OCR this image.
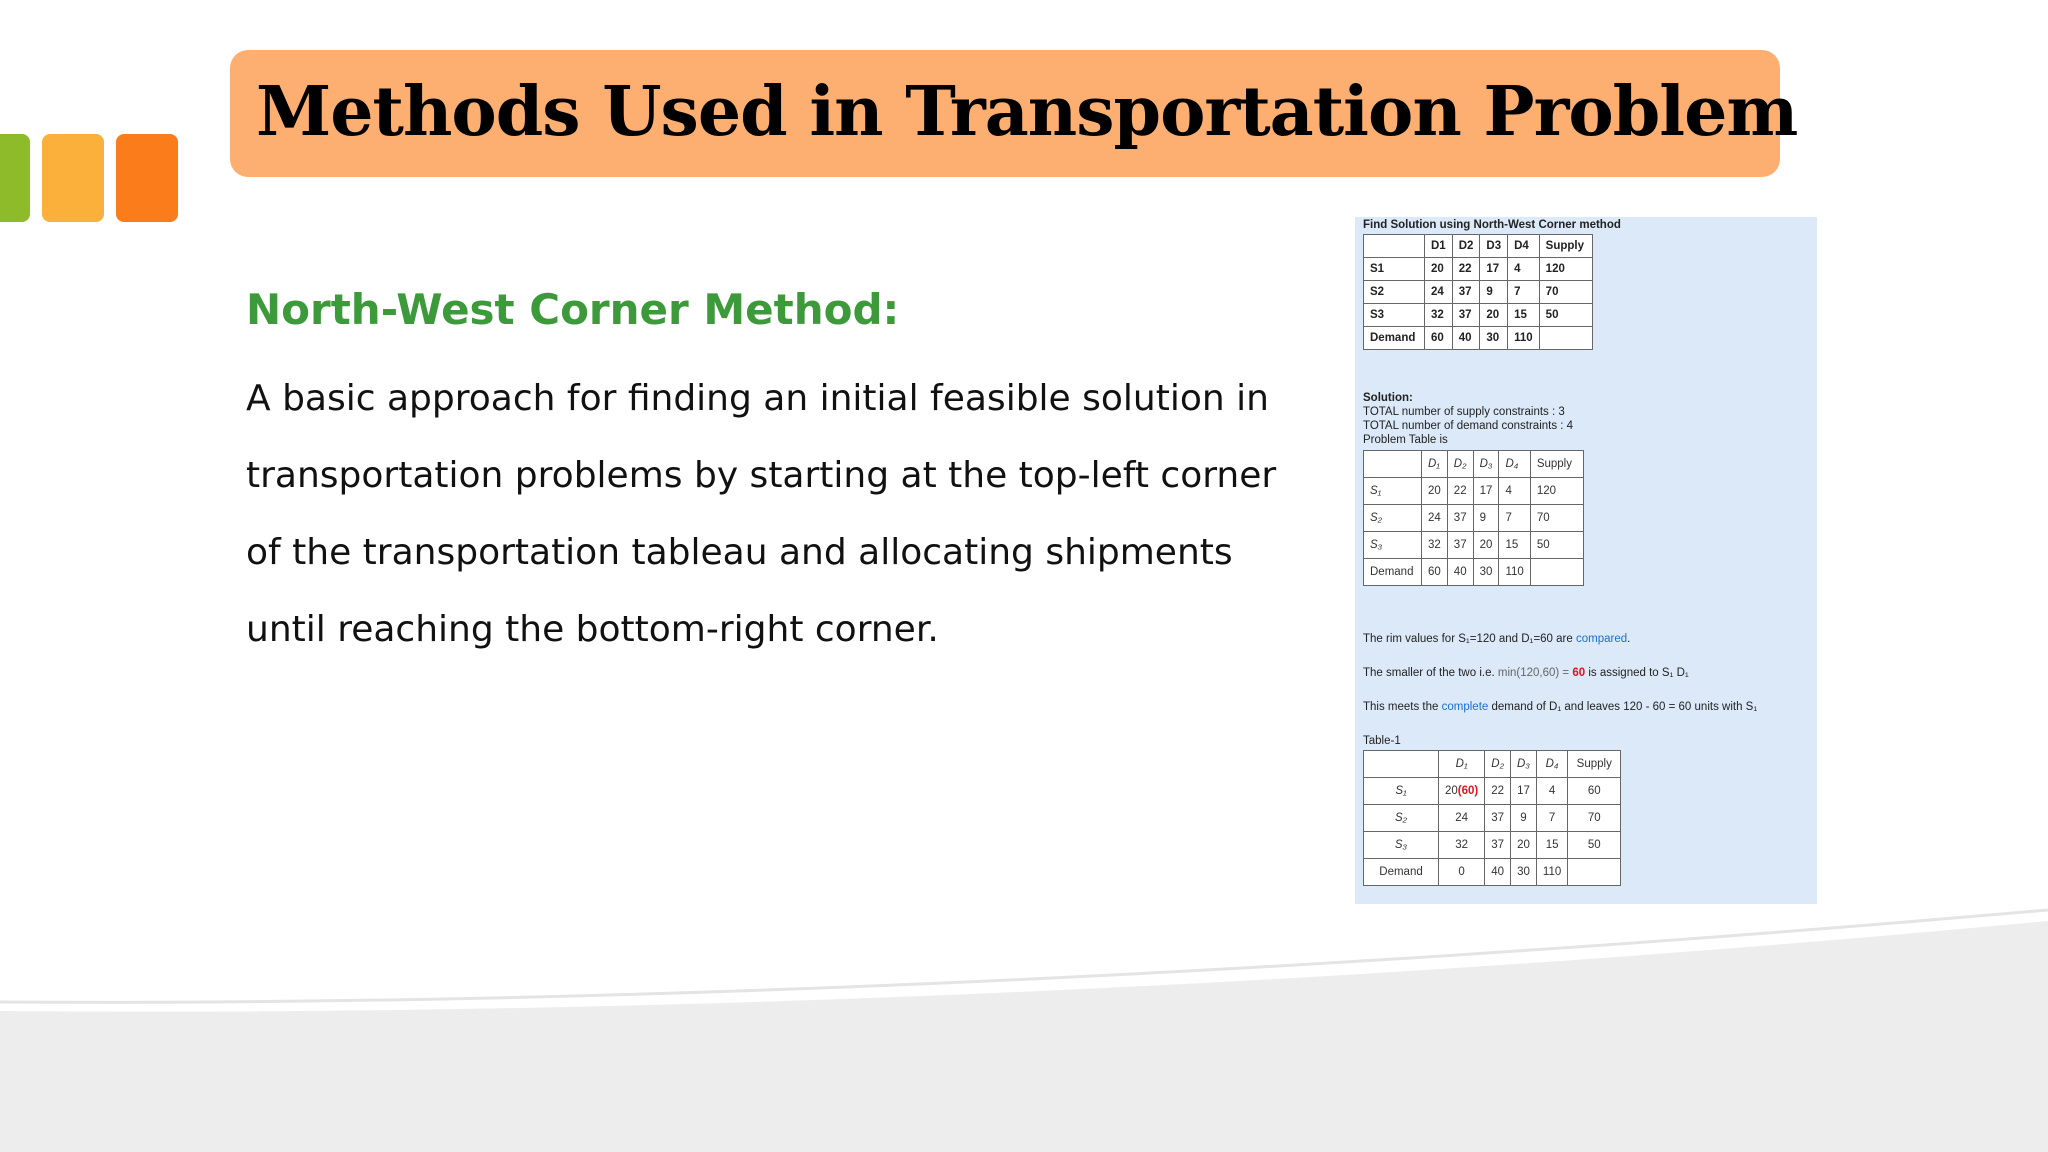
Methods Used in Transportation Problem
North-West Corner Method:

A basic approach for finding an initial feasible solution in transportation problems by starting at the top-left corner of the transportation tableau and allocating shipments until reaching the bottom-right corner.

Find Solution using North-West Corner method
	D1	D2	D3	D4	Supply
S1	20	22	17	4	120
S2	24	37	9	7	70
S3	32	37	20	15	50
Demand	60	40	30	110	
Solution:
TOTAL number of supply constraints : 3
TOTAL number of demand constraints : 4
Problem Table is
	D₁	D₂	D₃	D₄	Supply
S₁	20	22	17	4	120
S₂	24	37	9	7	70
S₃	32	37	20	15	50
Demand	60	40	30	110	
The rim values for S₁=120 and D₁=60 are compared.
The smaller of the two i.e. min(120,60) = 60 is assigned to S₁ D₁
This meets the complete demand of D₁ and leaves 120 - 60 = 60 units with S₁
Table-1
	D₁	D₂	D₃	D₄	Supply
S₁	20(60)	22	17	4	60
S₂	24	37	9	7	70
S₃	32	37	20	15	50
Demand	0	40	30	110	
